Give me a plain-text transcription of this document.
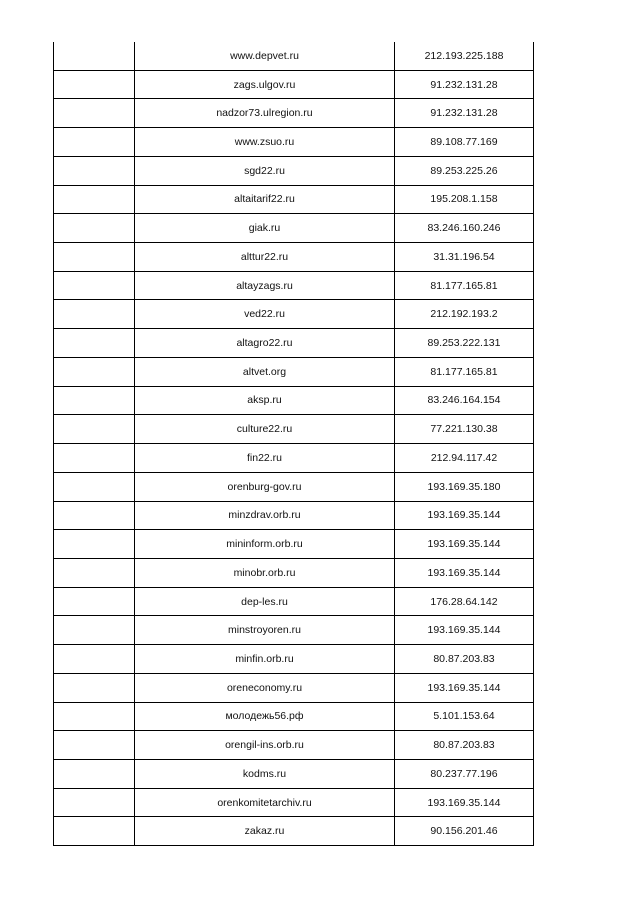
www.depvet.ru	212.193.225.188
zags.ulgov.ru	91.232.131.28
nadzor73.ulregion.ru	91.232.131.28
www.zsuo.ru	89.108.77.169
sgd22.ru	89.253.225.26
altaitarif22.ru	195.208.1.158
giak.ru	83.246.160.246
alttur22.ru	31.31.196.54
altayzags.ru	81.177.165.81
ved22.ru	212.192.193.2
altagro22.ru	89.253.222.131
altvet.org	81.177.165.81
aksp.ru	83.246.164.154
culture22.ru	77.221.130.38
fin22.ru	212.94.117.42
orenburg-gov.ru	193.169.35.180
minzdrav.orb.ru	193.169.35.144
mininform.orb.ru	193.169.35.144
minobr.orb.ru	193.169.35.144
dep-les.ru	176.28.64.142
minstroyoren.ru	193.169.35.144
minfin.orb.ru	80.87.203.83
oreneconomy.ru	193.169.35.144
молодежь56.рф	5.101.153.64
orengil-ins.orb.ru	80.87.203.83
kodms.ru	80.237.77.196
orenkomitetarchiv.ru	193.169.35.144
zakaz.ru	90.156.201.46
